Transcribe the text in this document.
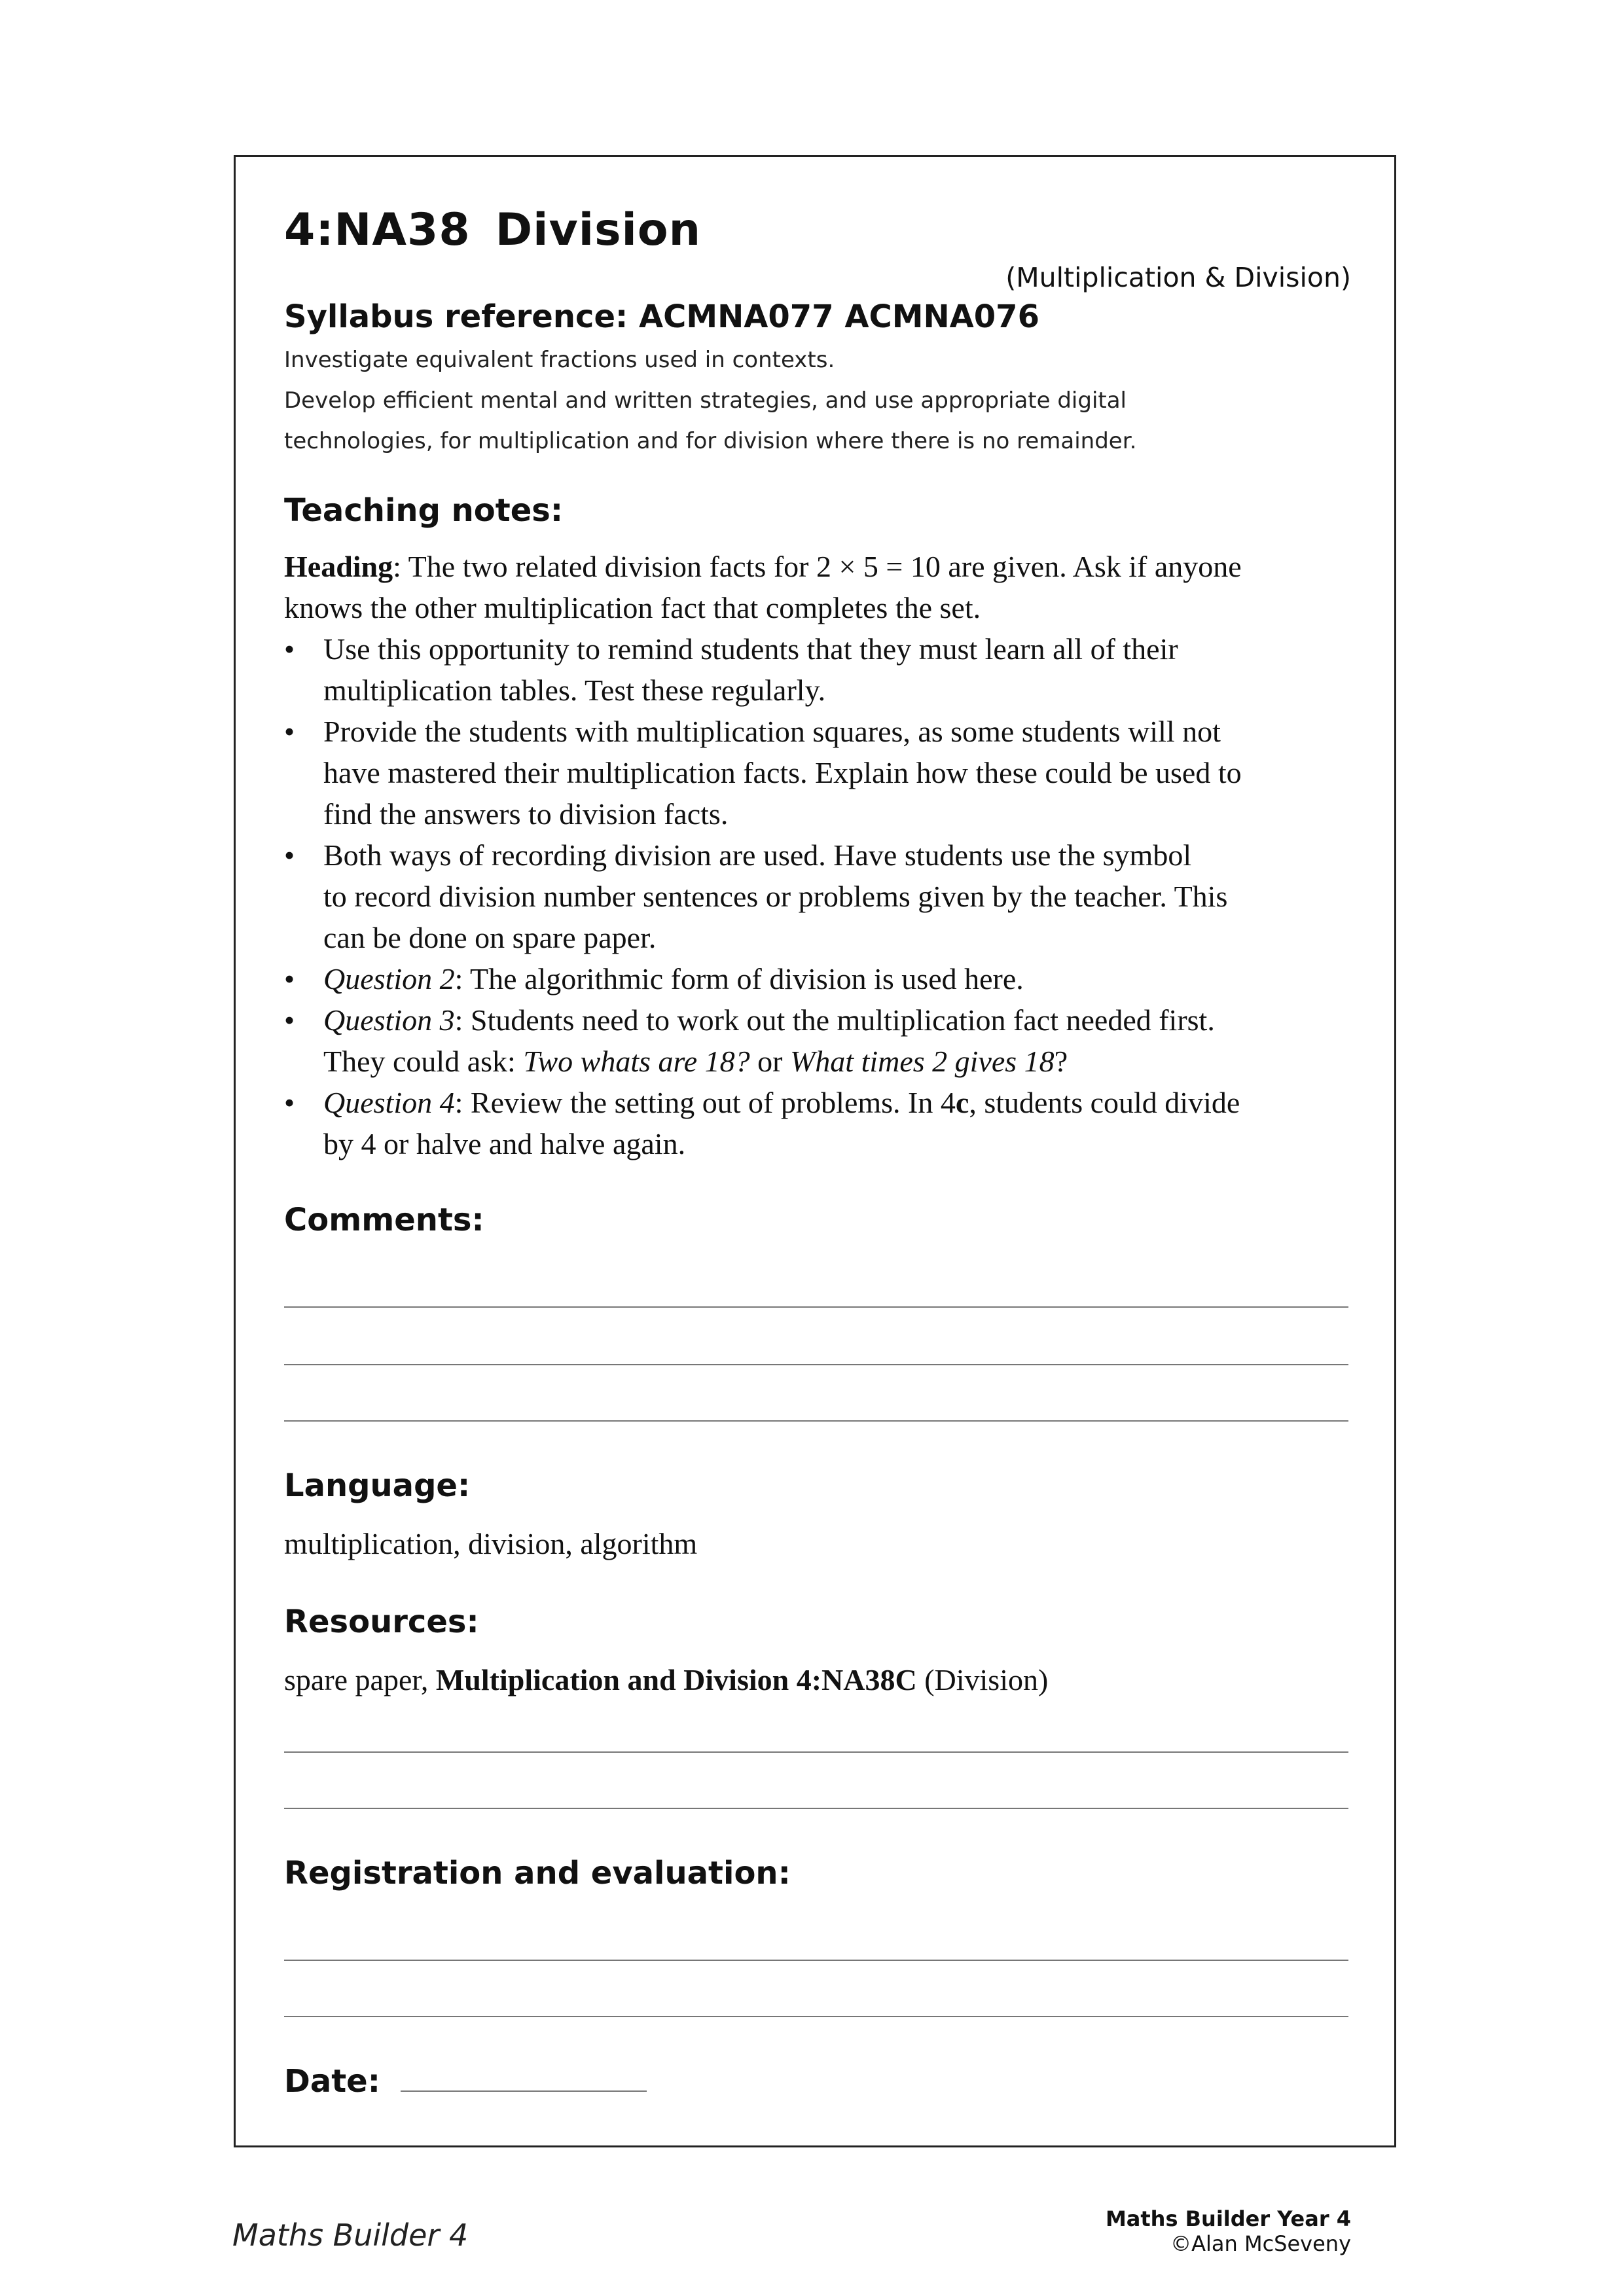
4:NA38 Division
(Multiplication & Division)
Syllabus reference: ACMNA077 ACMNA076
Investigate equivalent fractions used in contexts.
Develop efficient mental and written strategies, and use appropriate digital
technologies, for multiplication and for division where there is no remainder.
Teaching notes:

Heading: The two related division facts for 2 × 5 = 10 are given. Ask if anyone

knows the other multiplication fact that completes the set.

• Use this opportunity to remind students that they must learn all of their
multiplication tables. Test these regularly.
• Provide the students with multiplication squares, as some students will not
have mastered their multiplication facts. Explain how these could be used to
find the answers to division facts.
• Both ways of recording division are used. Have students use the symbol
to record division number sentences or problems given by the teacher. This
can be done on spare paper.
• Question 2: The algorithmic form of division is used here.
• Question 3: Students need to work out the multiplication fact needed first.
They could ask: Two whats are 18? or What times 2 gives 18?
• Question 4: Review the setting out of problems. In 4c, students could divide
by 4 or halve and halve again.
Comments:
Language:
multiplication, division, algorithm
Resources:
spare paper, Multiplication and Division 4:NA38C (Division)
Registration and evaluation:
Date:
Maths Builder 4	Maths Builder Year 4
©Alan McSeveny
